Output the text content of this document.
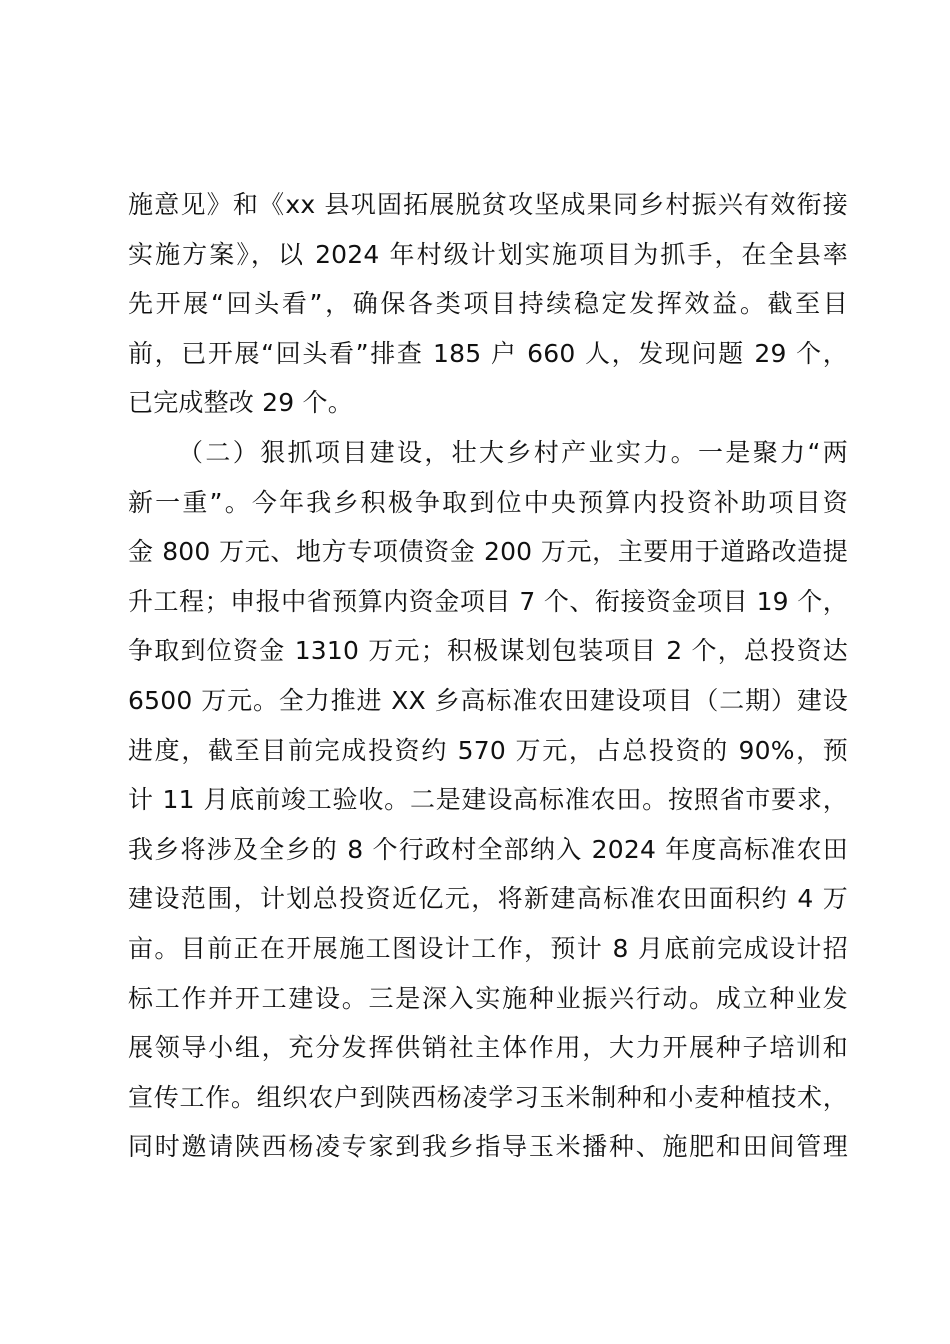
施意见》和《xx 县巩固拓展脱贫攻坚成果同乡村振兴有效衔接
实施方案》，以 2024 年村级计划实施项目为抓手，在全县率
先开展“回头看”，确保各类项目持续稳定发挥效益。截至目
前，已开展“回头看”排查 185 户 660 人，发现问题 29 个，
已完成整改 29 个。
（二）狠抓项目建设，壮大乡村产业实力。一是聚力“两
新一重”。今年我乡积极争取到位中央预算内投资补助项目资
金 800 万元、地方专项债资金 200 万元，主要用于道路改造提
升工程；申报中省预算内资金项目 7 个、衔接资金项目 19 个，
争取到位资金 1310 万元；积极谋划包装项目 2 个，总投资达
6500 万元。全力推进 XX 乡高标准农田建设项目（二期）建设
进度，截至目前完成投资约 570 万元，占总投资的 90%，预
计 11 月底前竣工验收。二是建设高标准农田。按照省市要求，
我乡将涉及全乡的 8 个行政村全部纳入 2024 年度高标准农田
建设范围，计划总投资近亿元，将新建高标准农田面积约 4 万
亩。目前正在开展施工图设计工作，预计 8 月底前完成设计招
标工作并开工建设。三是深入实施种业振兴行动。成立种业发
展领导小组，充分发挥供销社主体作用，大力开展种子培训和
宣传工作。组织农户到陕西杨凌学习玉米制种和小麦种植技术，
同时邀请陕西杨凌专家到我乡指导玉米播种、施肥和田间管理
